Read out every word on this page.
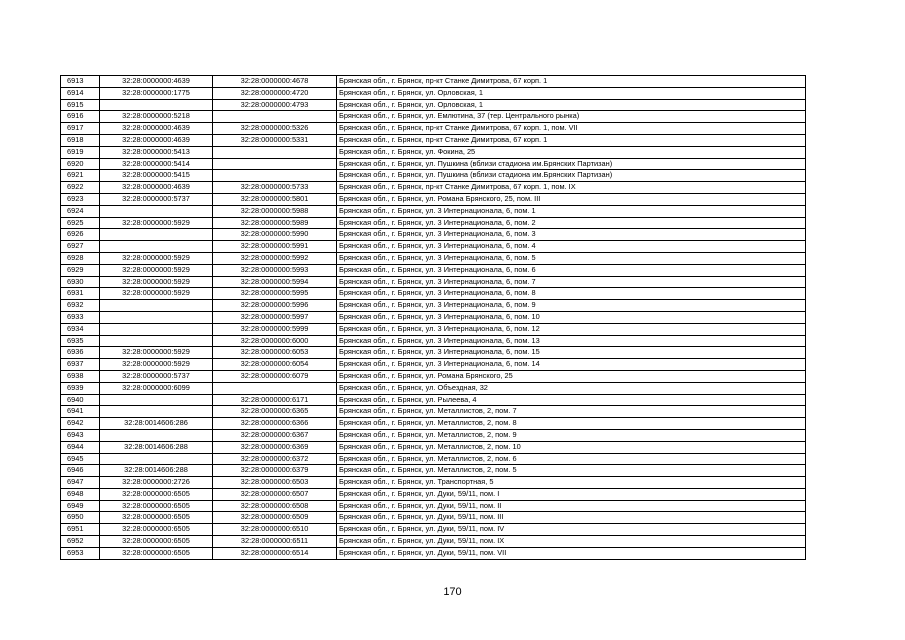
6913	32:28:0000000:4639	32:28:0000000:4678	Брянская обл., г. Брянск, пр-кт Станке Димитрова, 67 корп. 1
6914	32:28:0000000:1775	32:28:0000000:4720	Брянская обл., г. Брянск, ул. Орловская, 1
6915		32:28:0000000:4793	Брянская обл., г. Брянск, ул. Орловская, 1
6916	32:28:0000000:5218		Брянская обл., г. Брянск, ул. Емлютина, 37 (тер. Центрального рынка)
6917	32:28:0000000:4639	32:28:0000000:5326	Брянская обл., г. Брянск, пр-кт Станке Димитрова, 67 корп. 1, пом. VII
6918	32:28:0000000:4639	32:28:0000000:5331	Брянская обл., г. Брянск, пр-кт Станке Димитрова, 67 корп. 1
6919	32:28:0000000:5413		Брянская обл., г. Брянск, ул. Фокина, 25
6920	32:28:0000000:5414		Брянская обл., г. Брянск, ул. Пушкина (вблизи стадиона им.Брянских Партизан)
6921	32:28:0000000:5415		Брянская обл., г. Брянск, ул. Пушкина (вблизи стадиона им.Брянских Партизан)
6922	32:28:0000000:4639	32:28:0000000:5733	Брянская обл., г. Брянск, пр-кт Станке Димитрова, 67 корп. 1, пом. IX
6923	32:28:0000000:5737	32:28:0000000:5801	Брянская обл., г. Брянск, ул. Романа Брянского, 25, пом. III
6924		32:28:0000000:5988	Брянская обл., г. Брянск, ул. 3 Интернационала, 6, пом. 1
6925	32:28:0000000:5929	32:28:0000000:5989	Брянская обл., г. Брянск, ул. 3 Интернационала, 6, пом. 2
6926		32:28:0000000:5990	Брянская обл., г. Брянск, ул. 3 Интернационала, 6, пом. 3
6927		32:28:0000000:5991	Брянская обл., г. Брянск, ул. 3 Интернационала, 6, пом. 4
6928	32:28:0000000:5929	32:28:0000000:5992	Брянская обл., г. Брянск, ул. 3 Интернационала, 6, пом. 5
6929	32:28:0000000:5929	32:28:0000000:5993	Брянская обл., г. Брянск, ул. 3 Интернационала, 6, пом. 6
6930	32:28:0000000:5929	32:28:0000000:5994	Брянская обл., г. Брянск, ул. 3 Интернационала, 6, пом. 7
6931	32:28:0000000:5929	32:28:0000000:5995	Брянская обл., г. Брянск, ул. 3 Интернационала, 6, пом. 8
6932		32:28:0000000:5996	Брянская обл., г. Брянск, ул. 3 Интернационала, 6, пом. 9
6933		32:28:0000000:5997	Брянская обл., г. Брянск, ул. 3 Интернационала, 6, пом. 10
6934		32:28:0000000:5999	Брянская обл., г. Брянск, ул. 3 Интернационала, 6, пом. 12
6935		32:28:0000000:6000	Брянская обл., г. Брянск, ул. 3 Интернационала, 6, пом. 13
6936	32:28:0000000:5929	32:28:0000000:6053	Брянская обл., г. Брянск, ул. 3 Интернационала, 6, пом. 15
6937	32:28:0000000:5929	32:28:0000000:6054	Брянская обл., г. Брянск, ул. 3 Интернационала, 6, пом. 14
6938	32:28:0000000:5737	32:28:0000000:6079	Брянская обл., г. Брянск, ул. Романа Брянского, 25
6939	32:28:0000000:6099		Брянская обл., г. Брянск, ул. Объездная, 32
6940		32:28:0000000:6171	Брянская обл., г. Брянск, ул. Рылеева, 4
6941		32:28:0000000:6365	Брянская обл., г. Брянск, ул. Металлистов, 2, пом. 7
6942	32:28:0014606:286	32:28:0000000:6366	Брянская обл., г. Брянск, ул. Металлистов, 2, пом. 8
6943		32:28:0000000:6367	Брянская обл., г. Брянск, ул. Металлистов, 2, пом. 9
6944	32:28:0014606:288	32:28:0000000:6369	Брянская обл., г. Брянск, ул. Металлистов, 2, пом. 10
6945		32:28:0000000:6372	Брянская обл., г. Брянск, ул. Металлистов, 2, пом. 6
6946	32:28:0014606:288	32:28:0000000:6379	Брянская обл., г. Брянск, ул. Металлистов, 2, пом. 5
6947	32:28:0000000:2726	32:28:0000000:6503	Брянская обл., г. Брянск, ул. Транспортная, 5
6948	32:28:0000000:6505	32:28:0000000:6507	Брянская обл., г. Брянск, ул. Дуки, 59/11, пом. I
6949	32:28:0000000:6505	32:28:0000000:6508	Брянская обл., г. Брянск, ул. Дуки, 59/11, пом. II
6950	32:28:0000000:6505	32:28:0000000:6509	Брянская обл., г. Брянск, ул. Дуки, 59/11, пом. III
6951	32:28:0000000:6505	32:28:0000000:6510	Брянская обл., г. Брянск, ул. Дуки, 59/11, пом. IV
6952	32:28:0000000:6505	32:28:0000000:6511	Брянская обл., г. Брянск, ул. Дуки, 59/11, пом. IX
6953	32:28:0000000:6505	32:28:0000000:6514	Брянская обл., г. Брянск, ул. Дуки, 59/11, пом. VII
170
